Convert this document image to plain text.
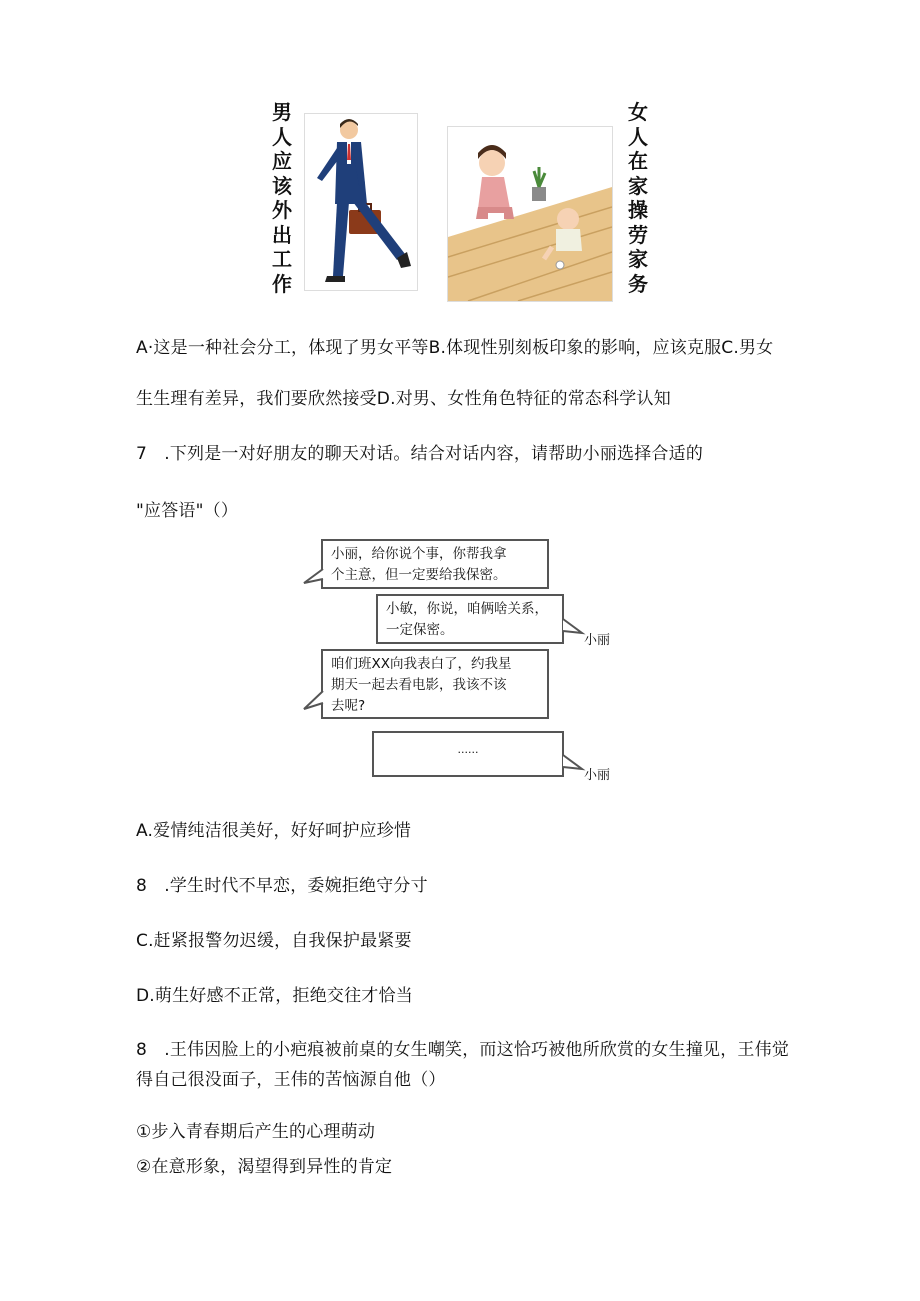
男
人
应
该
外
出
工
作
女
人
在
家
操
劳
家
务
A·这是一种社会分工，体现了男女平等B.体现性别刻板印象的影响，应该克服C.男女
生生理有差异，我们要欣然接受D.对男、女性角色特征的常态科学认知
7　.下列是一对好朋友的聊天对话。结合对话内容，请帮助小丽选择合适的
"应答语"（）
小丽，给你说个事，你帮我拿
个主意，但一定要给我保密。
小敏，你说，咱俩啥关系，
一定保密。
小丽
咱们班XX向我表白了，约我星
期天一起去看电影，我该不该
去呢?
······
小丽
A.爱情纯洁很美好，好好呵护应珍惜
8　.学生时代不早恋，委婉拒绝守分寸
C.赶紧报警勿迟缓，自我保护最紧要
D.萌生好感不正常，拒绝交往才恰当
8　.王伟因脸上的小疤痕被前桌的女生嘲笑，而这恰巧被他所欣赏的女生撞见，王伟觉
得自己很没面子，王伟的苦恼源自他（）
①步入青春期后产生的心理萌动
②在意形象，渴望得到异性的肯定
